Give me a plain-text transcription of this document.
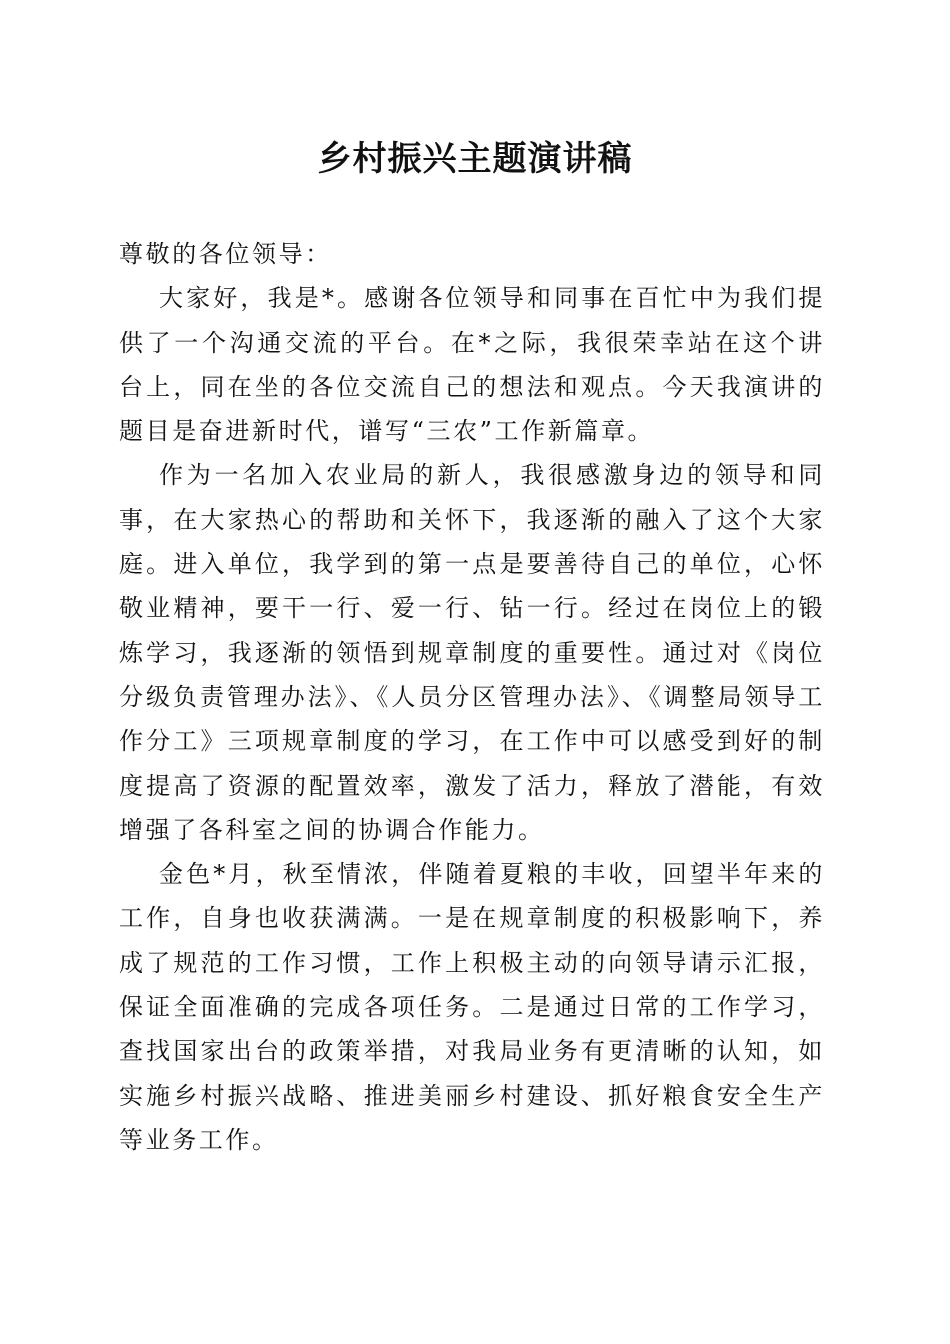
乡村振兴主题演讲稿

尊敬的各位领导：

大家好，我是*。感谢各位领导和同事在百忙中为我们提供了一个沟通交流的平台。在*之际，我很荣幸站在这个讲台上，同在坐的各位交流自己的想法和观点。今天我演讲的题目是奋进新时代，谱写“三农”工作新篇章。

作为一名加入农业局的新人，我很感激身边的领导和同事，在大家热心的帮助和关怀下，我逐渐的融入了这个大家庭。进入单位，我学到的第一点是要善待自己的单位，心怀敬业精神，要干一行、爱一行、钻一行。经过在岗位上的锻炼学习，我逐渐的领悟到规章制度的重要性。通过对《岗位分级负责管理办法》、《人员分区管理办法》、《调整局领导工作分工》三项规章制度的学习，在工作中可以感受到好的制度提高了资源的配置效率，激发了活力，释放了潜能，有效增强了各科室之间的协调合作能力。

金色*月，秋至情浓，伴随着夏粮的丰收，回望半年来的工作，自身也收获满满。一是在规章制度的积极影响下，养成了规范的工作习惯，工作上积极主动的向领导请示汇报，保证全面准确的完成各项任务。二是通过日常的工作学习，查找国家出台的政策举措，对我局业务有更清晰的认知，如实施乡村振兴战略、推进美丽乡村建设、抓好粮食安全生产等业务工作。
